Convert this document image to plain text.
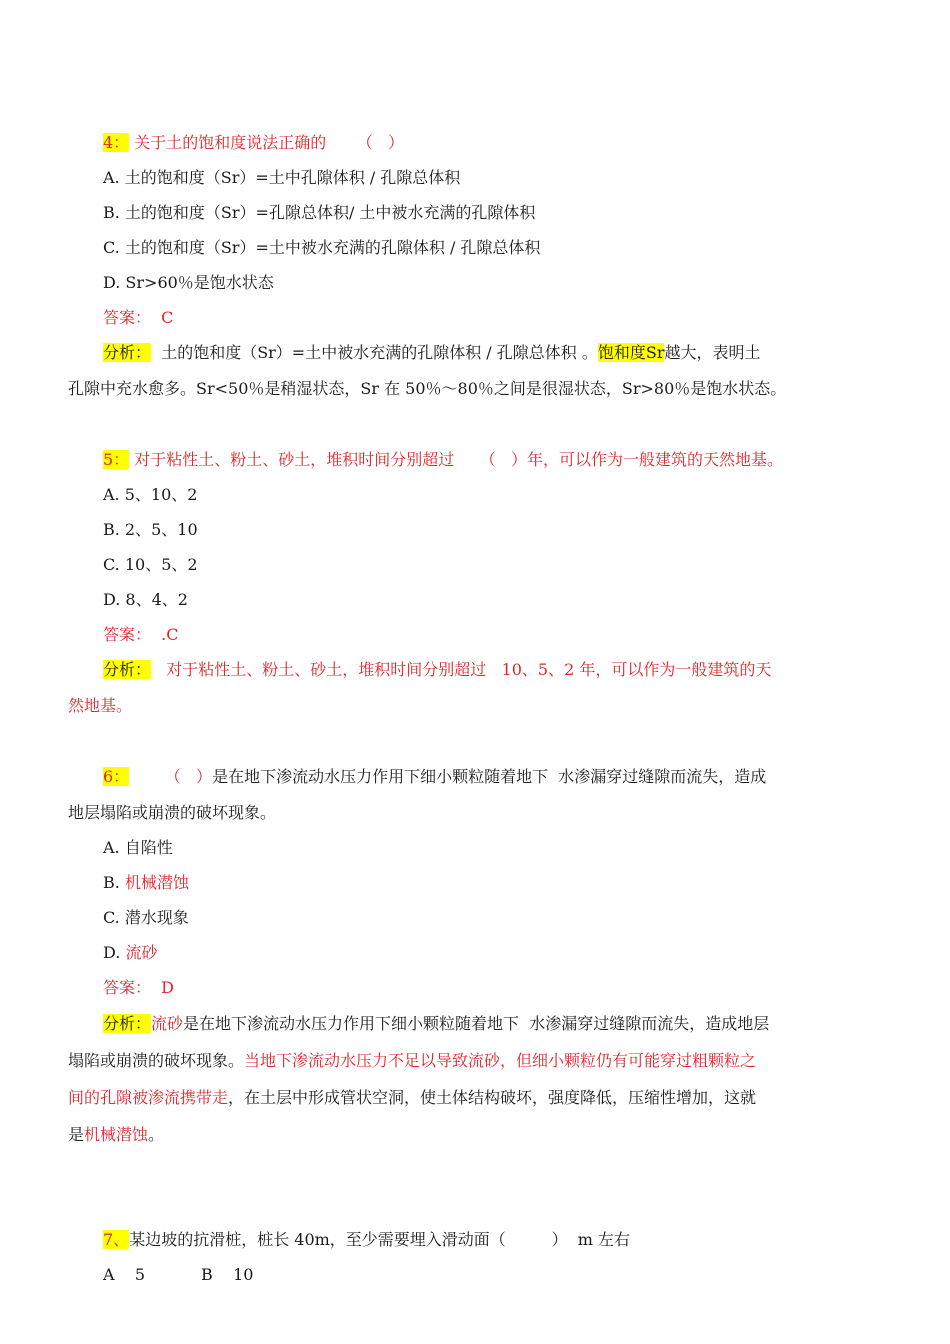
4： 关于土的饱和度说法正确的      （   ）
A. 土的饱和度（Sr）=土中孔隙体积 / 孔隙总体积
B. 土的饱和度（Sr）=孔隙总体积/ 土中被水充满的孔隙体积
C. 土的饱和度（Sr）=土中被水充满的孔隙体积 / 孔隙总体积
D. Sr>60％是饱水状态
答案：  C
分析：  土的饱和度（Sr）=土中被水充满的孔隙体积 / 孔隙总体积 。饱和度Sr越大，表明土
孔隙中充水愈多。Sr<50％是稍湿状态，Sr 在 50％～80％之间是很湿状态，Sr>80％是饱水状态。
5： 对于粘性土、粉土、砂土，堆积时间分别超过     （   ）年，可以作为一般建筑的天然地基。
A. 5、10、2
B. 2、5、10
C. 10、5、2
D. 8、4、2
答案：  .C
分析：   对于粘性土、粉土、砂土，堆积时间分别超过   10、5、2 年，可以作为一般建筑的天
然地基。
6：       （   ）是在地下渗流动水压力作用下细小颗粒随着地下  水渗漏穿过缝隙而流失，造成
地层塌陷或崩溃的破坏现象。
A. 自陷性
B. 机械潜蚀
C. 潜水现象
D. 流砂
答案：  D
分析：流砂是在地下渗流动水压力作用下细小颗粒随着地下  水渗漏穿过缝隙而流失，造成地层
塌陷或崩溃的破坏现象。当地下渗流动水压力不足以导致流砂，但细小颗粒仍有可能穿过粗颗粒之
间的孔隙被渗流携带走，在土层中形成管状空洞，使土体结构破坏，强度降低，压缩性增加，这就
是机械潜蚀。
7、某边坡的抗滑桩，桩长 40m，至少需要埋入滑动面（         ）  m 左右
A    5           B    10
